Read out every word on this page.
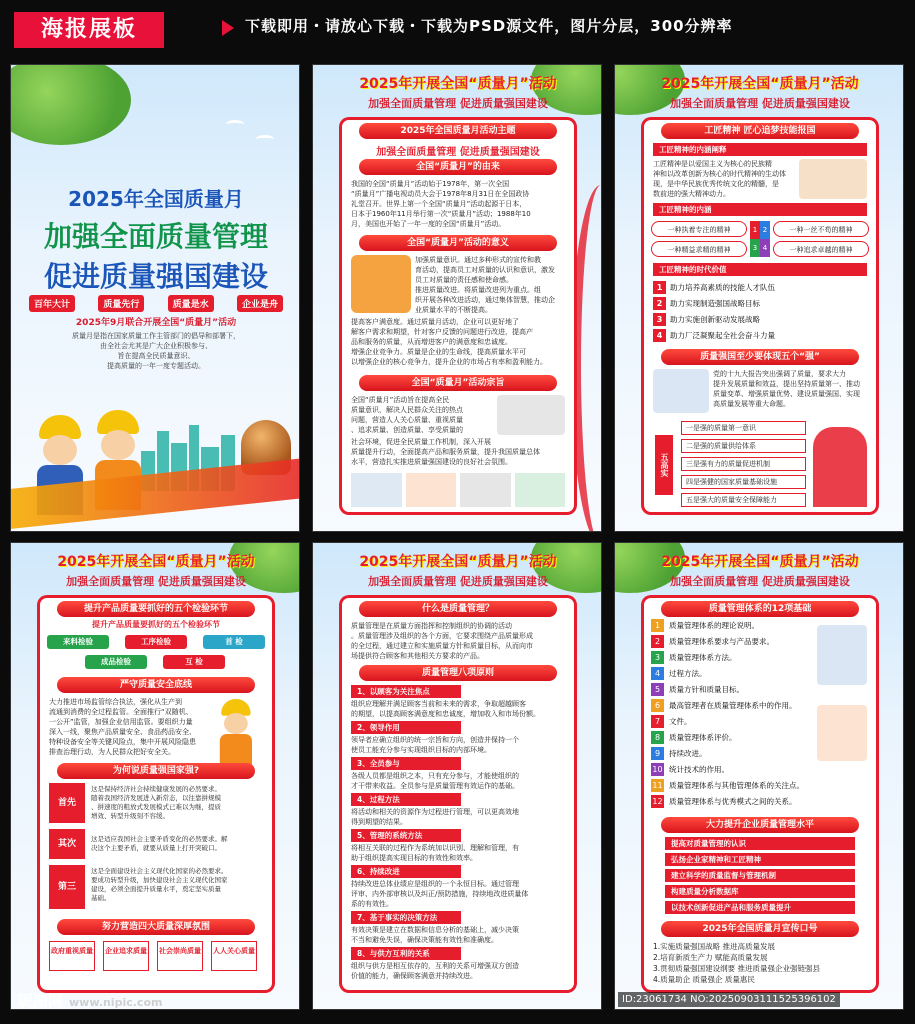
海报展板	下载即用・请放心下载・下载为PSD源文件，图片分层，300分辨率
2025年全国质量月
加强全面质量管理
促进质量强国建设
百年大计	质量先行	质量是水	企业是舟
2025年9月联合开展全国“质量月”活动
质量月是指在国家质量工作主管部门的倡导和部署下，
由全社会尤其是广大企业积极参与、
旨在提高全民质量意识、
提高质量的一年一度专题活动。
2025年开展全国“质量月”活动
加强全面质量管理 促进质量强国建设
2025年全国质量月活动主题
加强全面质量管理 促进质量强国建设
全国“质量月”的由来
我国的全国“质量月”活动始于1978年，第一次全国
“质量月”广播电视动员大会于1978年8月31日在全国政协
礼堂召开。世界上第一个全国“质量月”活动起源于日本，
日本于1960年11月举行第一次“质量月”活动；1988年10
月，美国也开始了一年一度的全国“质量月”活动。
全国“质量月”活动的意义
加强质量意识。通过多种形式的宣传和教
育活动，提高员工对质量的认识和意识，激发
员工对质量的责任感和使命感。
推进质量改进。将质量改进列为重点。组
织开展各种改进活动，通过集体智慧，推动企
业质量水平的不断提高。
提高客户满意度。通过质量月活动，企业可以更好地了
解客户需求和期望，针对客户反馈的问题进行改进，提高产
品和服务的质量，从而增进客户的满意度和忠诚度。
增强企业竞争力。质量是企业的生命线，提高质量水平可
以增强企业的核心竞争力，提升企业的市场占有率和盈利能力。
全国“质量月”活动宗旨
全国“质量月”活动旨在提高全民
质量意识，解决人民群众关注的热点
问题，营造人人关心质量、重视质量
、追求质量、创造质量、享受质量的
社会环境，促进全民质量工作机制，深入开展
质量提升行动，全面提高产品和服务质量，提升我国质量总体
水平，营造扎实推进质量强国建设的良好社会氛围。
2025年开展全国“质量月”活动
加强全面质量管理 促进质量强国建设
工匠精神 匠心追梦技能报国
工匠精神的内涵阐释
工匠精神是以爱国主义为核心的民族精
神和以改革创新为核心的时代精神的生动体
现，是中华民族优秀传统文化的精髓，是
数前进的强大精神动力。
工匠精神的内涵
一种执着专注的精神	一种一丝不苟的精神
一种精益求精的精神	一种追求卓越的精神
1 2
3 4
工匠精神的时代价值
1 助力培养高素质的技能人才队伍
2 助力实现制造强国战略目标
3 助力实施创新驱动发展战略
4 助力厂泛凝聚起全社会奋斗力量
质量强国至少要体现五个“强”
党的十九大报告突出强调了质量，要求大力
提升发展质量和效益，提出坚持质量第一、推动
质量变革、增强质量优势、建设质量强国、实现
高质量发展等重大命题。
五高实
一是强的质量第一意识
二是强的质量供给体系
三是强有力的质量促进机制
四是强健的国家质量基础设施
五是强大的质量安全保障能力
2025年开展全国“质量月”活动
加强全面质量管理 促进质量强国建设
提升产品质量要抓好的五个检验环节
提升产品质量要抓好的五个检验环节
来料检验	工序检验	首 检
成品检验	互 检
严守质量安全底线
大力推进市场监管综合执法，强化从生产到
流通到消费的全过程监管。全面推行“双随机、
一公开”监管，加强企业信用监管。要组织力量
深入一线，聚焦产品质量安全、食品药品安全、
特种设备安全等关键风险点，集中开展风险隐患
排查治理行动，为人民群众把好安全关。
为何说质量强国家强?
首先
这是保持经济社会持续健康发展的必然要求。
随着我国经济发展进入新常态，以往靠拼规模
、拼速度的粗放式发展模式已难以为继，提质
增效、转型升级刻不容缓。
其次	这是适应我国社会主要矛盾变化的必然要求。解
决这个主要矛盾，就要从质量上打开突破口。
第三
这是全面建设社会主义现代化国家的必然要求。
要成功转型升级，加快建设社会主义现代化国家
建设，必须全面提升质量水平，奠定坚实质量
基础。
努力营造四大质量深厚氛围
政府重视质量 企业追求质量 社会崇尚质量 人人关心质量
2025年开展全国“质量月”活动
加强全面质量管理 促进质量强国建设
什么是质量管理？
质量管理是在质量方面指挥和控制组织的协调的活动
。质量管理涉及组织的各个方面，它要求围绕产品质量形成
的全过程，通过建立和实施质量方针和质量目标，从而向市
场提供符合顾客和其他相关方要求的产品。
质量管理八项原则
1、以顾客为关注焦点
组织应理解并满足顾客当前和未来的需求，争取超越顾客
的期望，以提高顾客满意度和忠诚度，增加收入和市场份额。
2、领导作用
领导者应确立组织的统一宗旨和方向，创造并保持一个
使员工能充分参与实现组织目标的内部环境。
3、全员参与
各级人员都是组织之本，只有充分参与，才能使组织的
才干带来收益。全员参与是质量管理有效运作的基础。
4、过程方法
将活动和相关的资源作为过程进行管理，可以更高效地
得到期望的结果。
5、管理的系统方法
将相互关联的过程作为系统加以识别、理解和管理，有
助于组织提高实现目标的有效性和效率。
6、持续改进
持续改进总体业绩应是组织的一个永恒目标。通过管理
评审、内外部审核以及纠正/预防措施，持续地改进质量体
系的有效性。
7、基于事实的决策方法
有效决策是建立在数据和信息分析的基础上，减少决策
不当和避免失误，确保决策能有效性和准确度。
8、与供方互利的关系
组织与供方是相互依存的，互利的关系可增强双方创造
价值的能力，确保顾客满意并持续改进。
2025年开展全国“质量月”活动
加强全面质量管理 促进质量强国建设
质量管理体系的12项基础
1 质量管理体系的理论说明。
2 质量管理体系要求与产品要求。
3 质量管理体系方法。
4 过程方法。
5 质量方针和质量目标。
6 最高管理者在质量管理体系中的作用。
7 文件。
8 质量管理体系评价。
9 持续改进。
10 统计技术的作用。
11 质量管理体系与其他管理体系的关注点。
12 质量管理体系与优秀模式之间的关系。
大力提升企业质量管理水平
提高对质量管理的认识
弘扬企业家精神和工匠精神
建立科学的质量监督与管理机制
构建质量分析数据库
以技术创新促进产品和服务质量提升
2025年全国质量月宣传口号
1.实施质量强国战略 推进高质量发展
2.培育新质生产力 赋能高质量发展
3.贯彻质量强国建设纲要 推进质量强企业强链强县
4.质量助企 质量强企 质量惠民
昵图网 www.nipic.com	ID:23061734 NO:20250903111525396102
